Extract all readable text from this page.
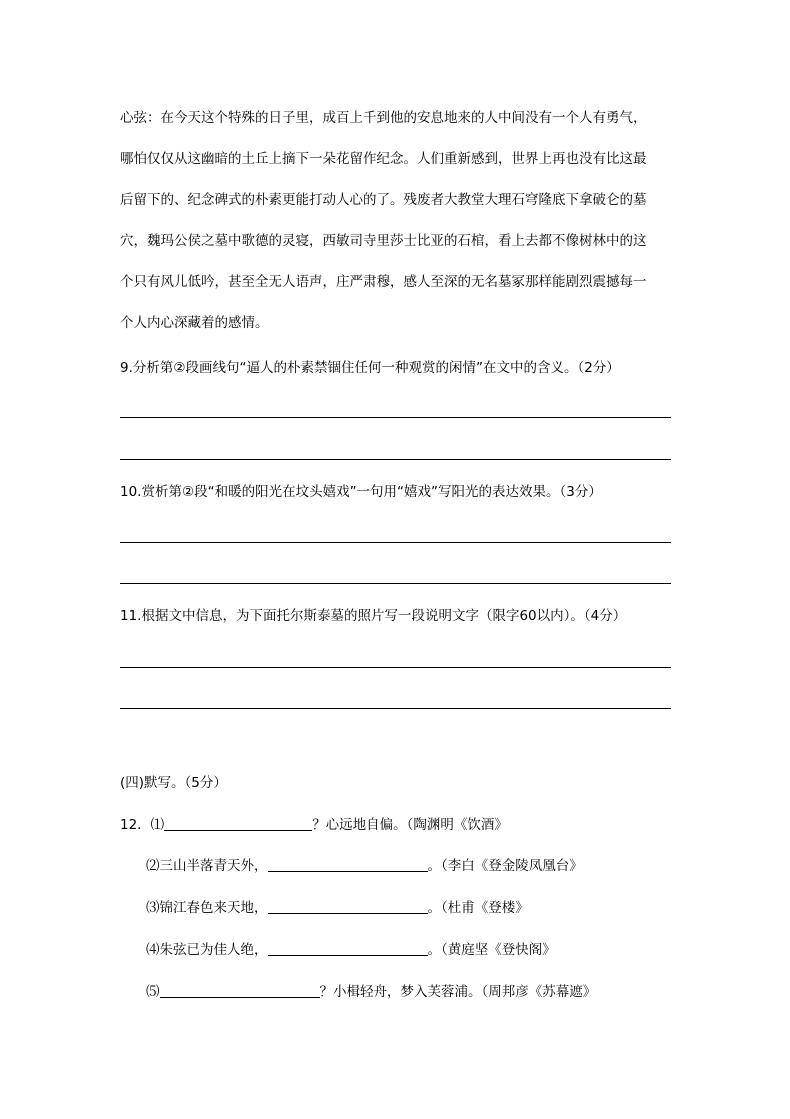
心弦：在今天这个特殊的日子里，成百上千到他的安息地来的人中间没有一个人有勇气，
哪怕仅仅从这幽暗的土丘上摘下一朵花留作纪念。人们重新感到，世界上再也没有比这最
后留下的、纪念碑式的朴素更能打动人心的了。残废者大教堂大理石穹隆底下拿破仑的墓
穴，魏玛公侯之墓中歌德的灵寝，西敏司寺里莎士比亚的石棺，看上去都不像树林中的这
个只有风儿低吟，甚至全无人语声，庄严肃穆，感人至深的无名墓冢那样能剧烈震撼每一
个人内心深藏着的感情。
9.分析第②段画线句“逼人的朴素禁锢住任何一种观赏的闲情”在文中的含义。（2分）
10.赏析第②段“和暖的阳光在坟头嬉戏”一句用“嬉戏”写阳光的表达效果。（3分）
11.根据文中信息，为下面托尔斯泰墓的照片写一段说明文字（限字60以内）。（4分）
(四)默写。（5分）
12．⑴	？心远地自偏。（陶渊明《饮酒》
⑵三山半落青天外，	。（李白《登金陵凤凰台》
⑶锦江春色来天地，	。（杜甫《登楼》
⑷朱弦已为佳人绝，	。（黄庭坚《登快阁》
⑸	？小楫轻舟，梦入芙蓉浦。（周邦彦《苏幕遮》
